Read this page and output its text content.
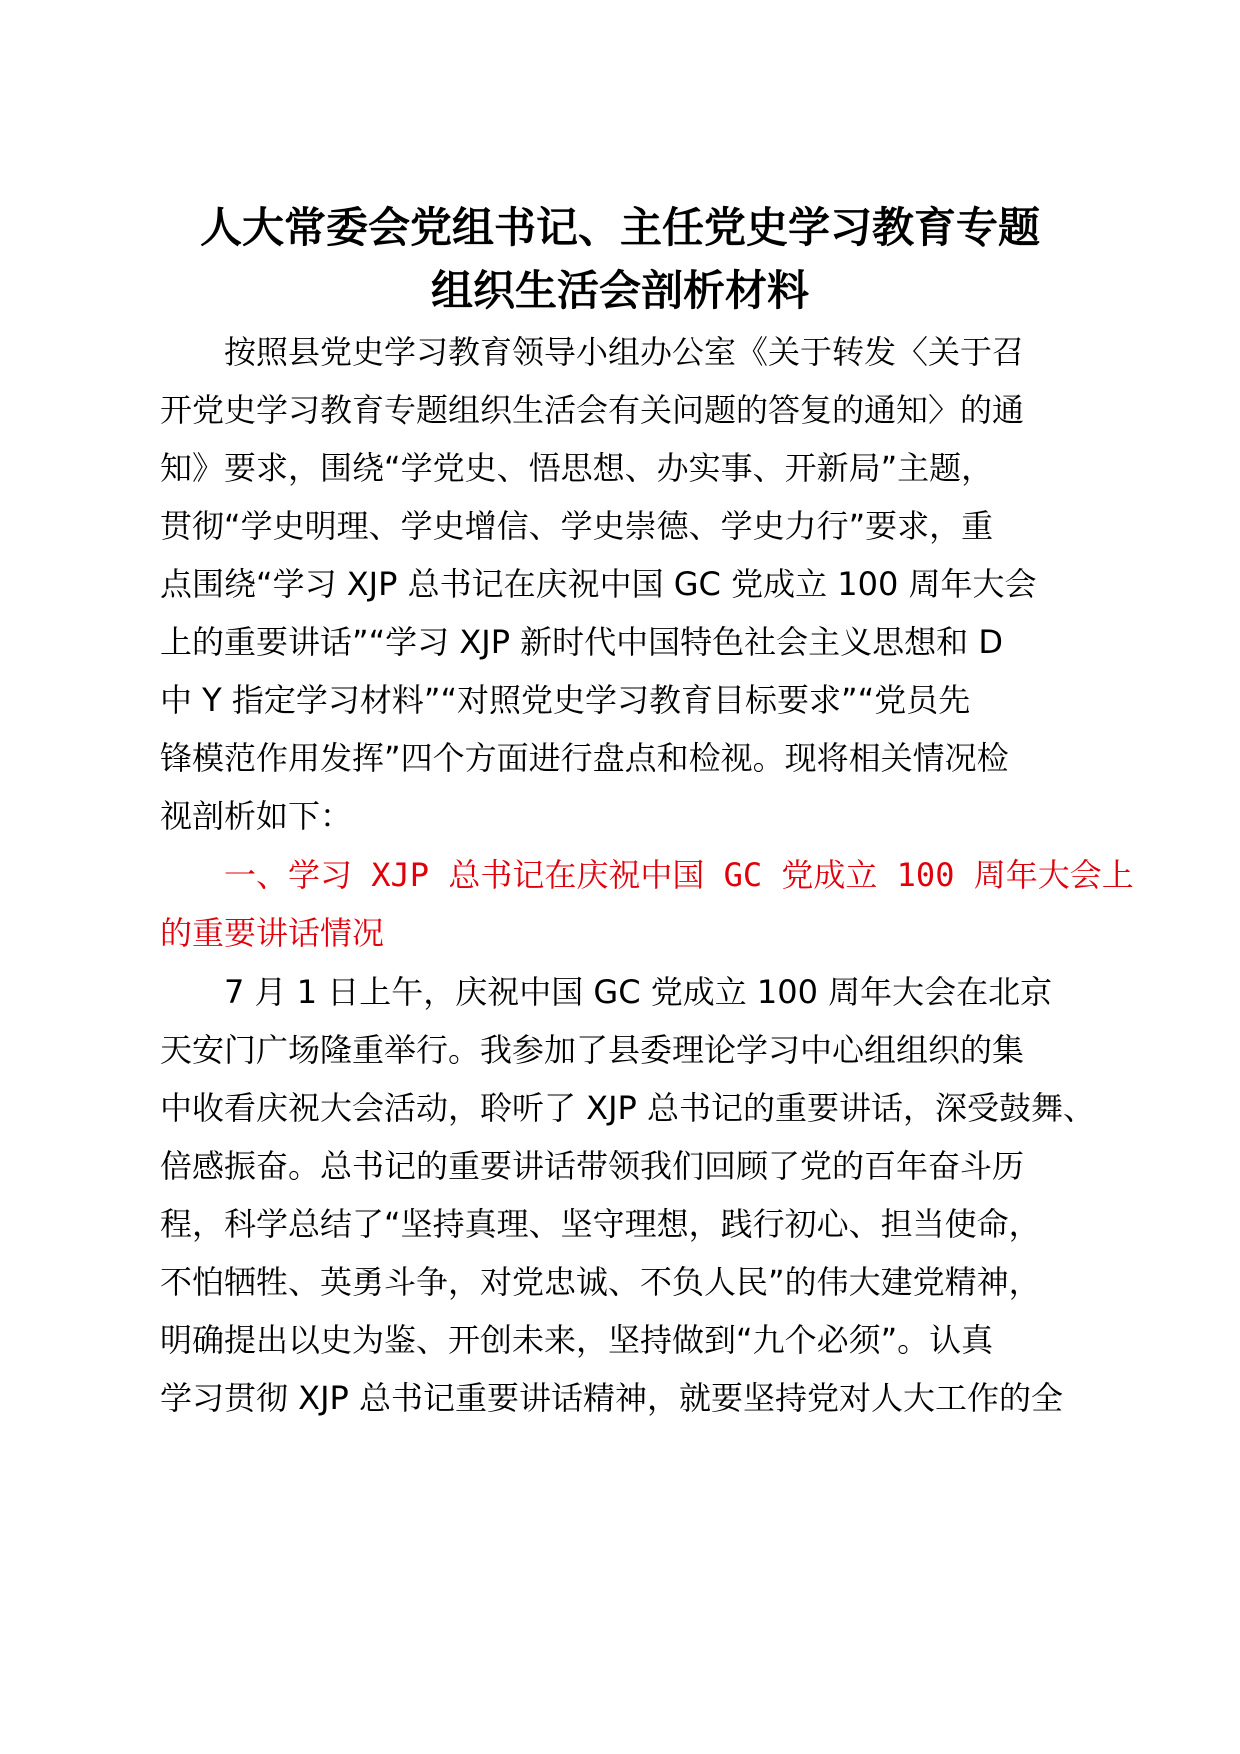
人大常委会党组书记、主任党史学习教育专题
组织生活会剖析材料
　　按照县党史学习教育领导小组办公室《关于转发〈关于召
开党史学习教育专题组织生活会有关问题的答复的通知〉的通
知》要求，围绕“学党史、悟思想、办实事、开新局”主题，
贯彻“学史明理、学史增信、学史崇德、学史力行”要求，重
点围绕“学习 XJP 总书记在庆祝中国 GC 党成立 100 周年大会
上的重要讲话”“学习 XJP 新时代中国特色社会主义思想和 D
中 Y 指定学习材料”“对照党史学习教育目标要求”“党员先
锋模范作用发挥”四个方面进行盘点和检视。现将相关情况检
视剖析如下：
　　一、学习 XJP 总书记在庆祝中国 GC 党成立 100 周年大会上
的重要讲话情况
　　7 月 1 日上午，庆祝中国 GC 党成立 100 周年大会在北京
天安门广场隆重举行。我参加了县委理论学习中心组组织的集
中收看庆祝大会活动，聆听了 XJP 总书记的重要讲话，深受鼓舞、
倍感振奋。总书记的重要讲话带领我们回顾了党的百年奋斗历
程，科学总结了“坚持真理、坚守理想，践行初心、担当使命，
不怕牺牲、英勇斗争，对党忠诚、不负人民”的伟大建党精神，
明确提出以史为鉴、开创未来，坚持做到“九个必须”。认真
学习贯彻 XJP 总书记重要讲话精神，就要坚持党对人大工作的全
